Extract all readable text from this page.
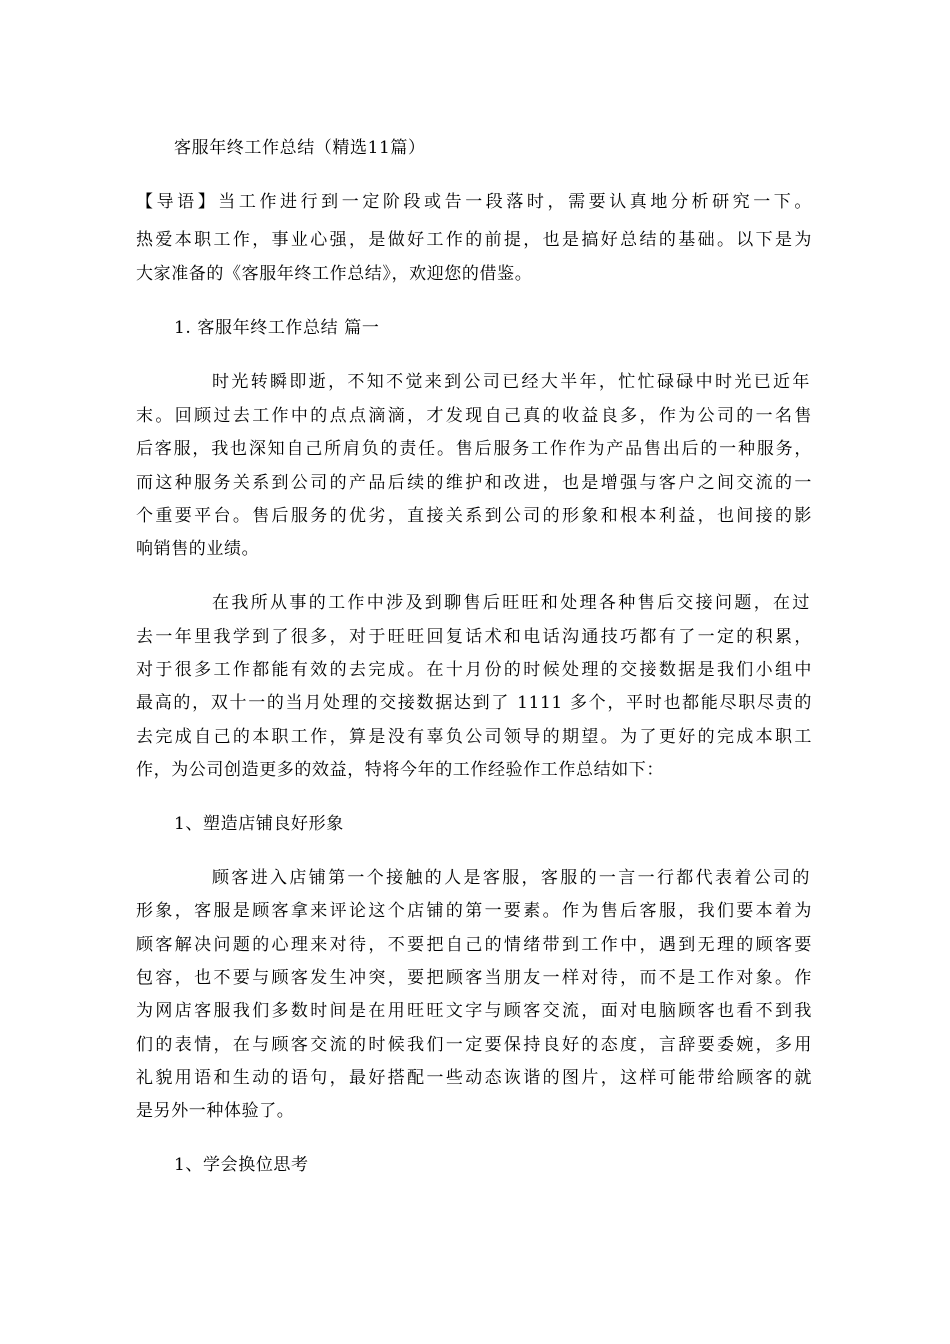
客服年终工作总结（精选11篇）
【导语】当工作进行到一定阶段或告一段落时，需要认真地分析研究一下。
热爱本职工作，事业心强，是做好工作的前提，也是搞好总结的基础。以下是为
大家准备的《客服年终工作总结》，欢迎您的借鉴。
1. 客服年终工作总结 篇一
时光转瞬即逝，不知不觉来到公司已经大半年，忙忙碌碌中时光已近年
末。回顾过去工作中的点点滴滴，才发现自己真的收益良多，作为公司的一名售
后客服，我也深知自己所肩负的责任。售后服务工作作为产品售出后的一种服务，
而这种服务关系到公司的产品后续的维护和改进，也是增强与客户之间交流的一
个重要平台。售后服务的优劣，直接关系到公司的形象和根本利益，也间接的影
响销售的业绩。
在我所从事的工作中涉及到聊售后旺旺和处理各种售后交接问题，在过
去一年里我学到了很多，对于旺旺回复话术和电话沟通技巧都有了一定的积累，
对于很多工作都能有效的去完成。在十月份的时候处理的交接数据是我们小组中
最高的，双十一的当月处理的交接数据达到了 1111 多个，平时也都能尽职尽责的
去完成自己的本职工作，算是没有辜负公司领导的期望。为了更好的完成本职工
作，为公司创造更多的效益，特将今年的工作经验作工作总结如下：
1、塑造店铺良好形象
顾客进入店铺第一个接触的人是客服，客服的一言一行都代表着公司的
形象，客服是顾客拿来评论这个店铺的第一要素。作为售后客服，我们要本着为
顾客解决问题的心理来对待，不要把自己的情绪带到工作中，遇到无理的顾客要
包容，也不要与顾客发生冲突，要把顾客当朋友一样对待，而不是工作对象。作
为网店客服我们多数时间是在用旺旺文字与顾客交流，面对电脑顾客也看不到我
们的表情，在与顾客交流的时候我们一定要保持良好的态度，言辞要委婉，多用
礼貌用语和生动的语句，最好搭配一些动态诙谐的图片，这样可能带给顾客的就
是另外一种体验了。
1、学会换位思考
